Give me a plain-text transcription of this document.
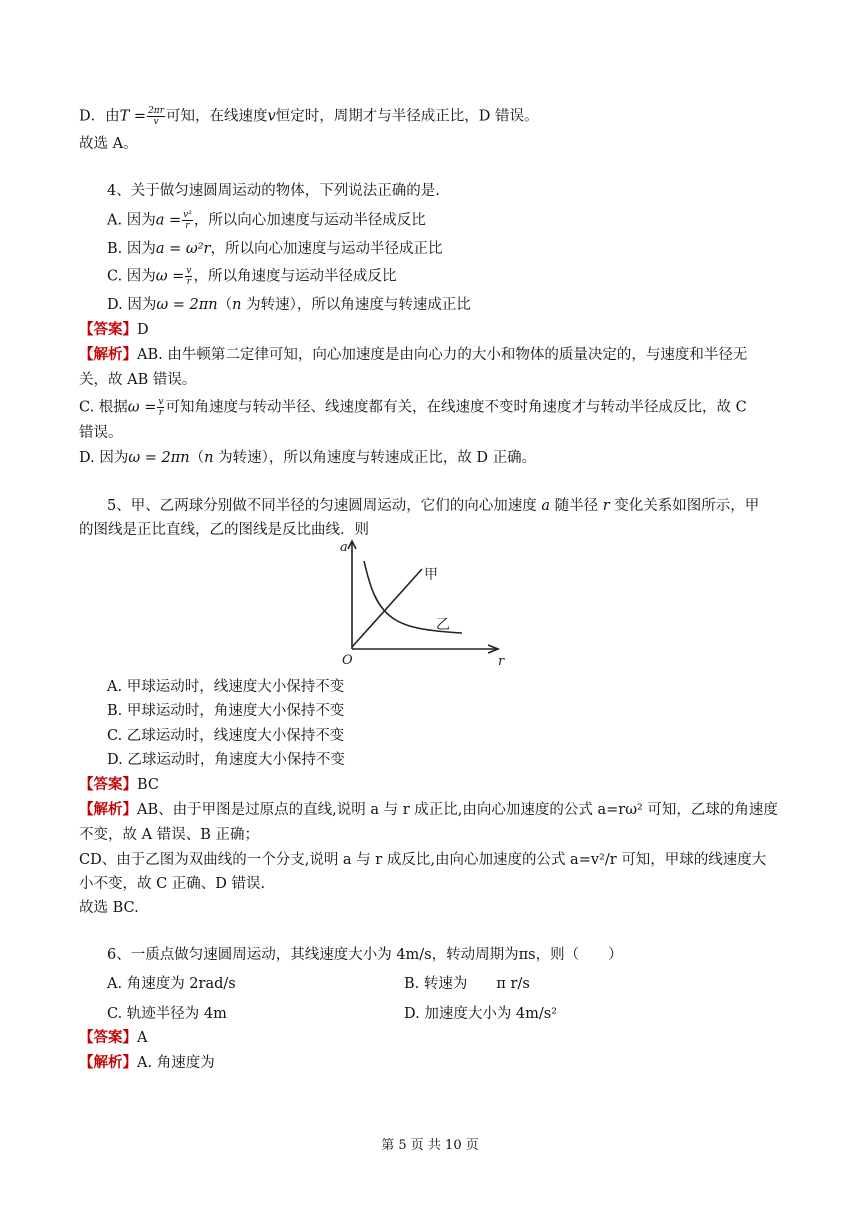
D．由$T = \frac{2\pi r}{v}$ 可知，在线速度v恒定时，周期才与半径成正比，D 错误。
故选 A。
4、关于做匀速圆周运动的物体，下列说法正确的是.
A. 因为$a = \frac{\text{v²}}{r}$ ，所以向心加速度与运动半径成反比
B. 因为a = ω²r，所以向心加速度与运动半径成正比
C. 因为$\omega = \frac{v}{r}$ ，所以角速度与运动半径成反比
D. 因为ω = 2πn（n 为转速），所以角速度与转速成正比
【答案】D
【解析】AB. 由牛顿第二定律可知，向心加速度是由向心力的大小和物体的质量决定的，与速度和半径无
关，故 AB 错误。
C. 根据$\omega = \frac{v}{r}$ 可知角速度与转动半径、线速度都有关，在线速度不变时角速度才与转动半径成反比，故 C
错误。
D. 因为ω = 2πn（n 为转速），所以角速度与转速成正比，故 D 正确。
5、甲、乙两球分别做不同半径的匀速圆周运动，它们的向心加速度 a 随半径 r 变化关系如图所示，甲
的图线是正比直线，乙的图线是反比曲线．则
a
甲
乙
O	r
A. 甲球运动时，线速度大小保持不变
B. 甲球运动时，角速度大小保持不变
C. 乙球运动时，线速度大小保持不变
D. 乙球运动时，角速度大小保持不变
【答案】BC
【解析】AB、由于甲图是过原点的直线,说明 a 与 r 成正比,由向心加速度的公式 a=rω² 可知，乙球的角速度
不变，故 A 错误、B 正确；
CD、由于乙图为双曲线的一个分支,说明 a 与 r 成反比,由向心加速度的公式 a=v²/r 可知，甲球的线速度大
小不变，故 C 正确、D 错误.
故选 BC.
6、一质点做匀速圆周运动，其线速度大小为 4m/s，转动周期为πs，则（　　）
A. 角速度为 2rad/s	B. 转速为　　π r/s
C. 轨迹半径为 4m	D. 加速度大小为 4m/s²
【答案】A
【解析】A. 角速度为
第 5 页 共 10 页
